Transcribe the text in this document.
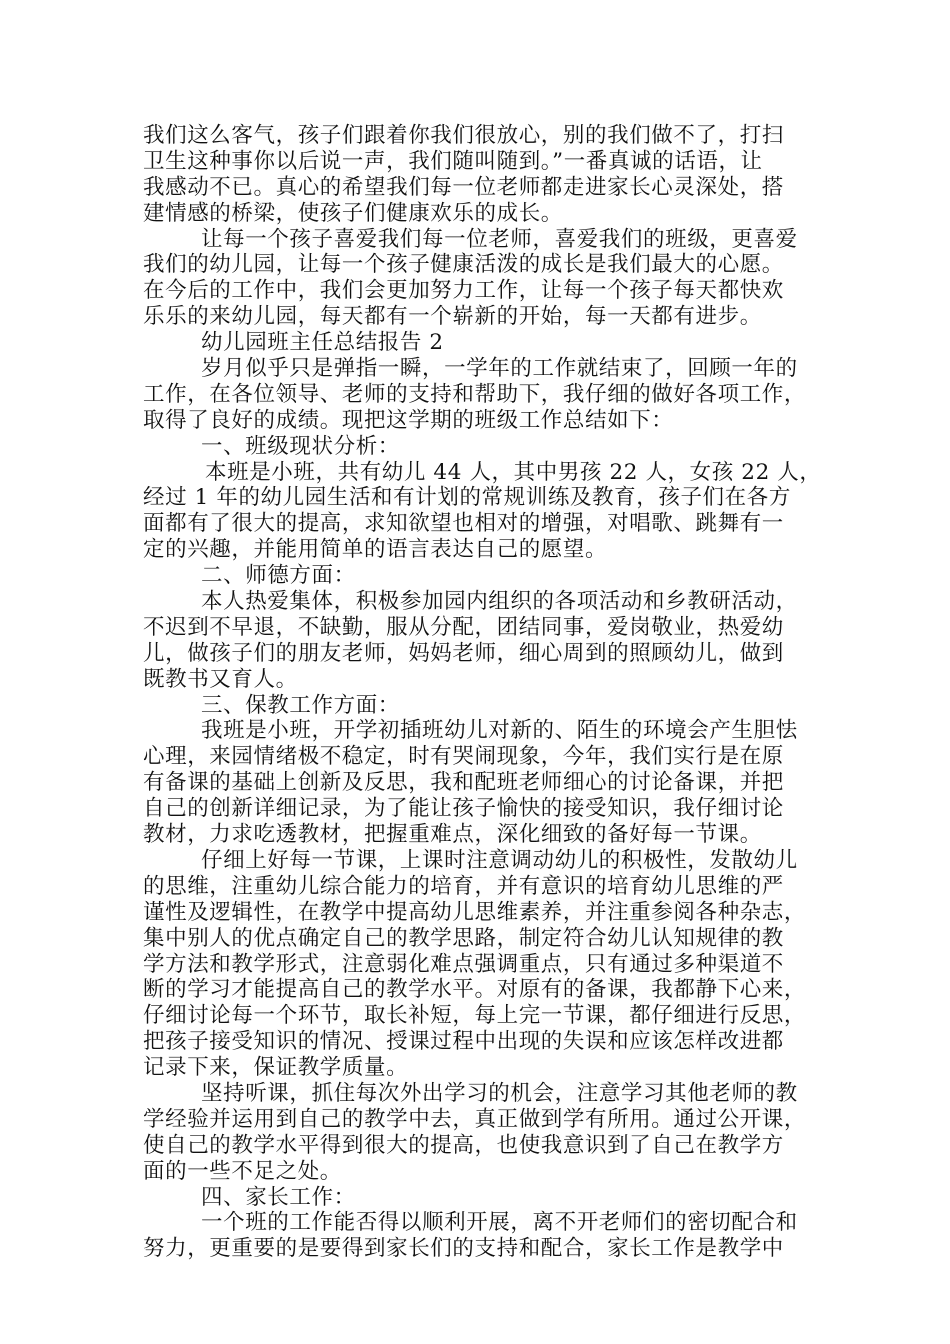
我们这么客气，孩子们跟着你我们很放心，别的我们做不了，打扫
卫生这种事你以后说一声，我们随叫随到。”一番真诚的话语，让
我感动不已。真心的希望我们每一位老师都走进家长心灵深处，搭
建情感的桥梁，使孩子们健康欢乐的成长。
让每一个孩子喜爱我们每一位老师，喜爱我们的班级，更喜爱
我们的幼儿园，让每一个孩子健康活泼的成长是我们最大的心愿。
在今后的工作中，我们会更加努力工作，让每一个孩子每天都快欢
乐乐的来幼儿园，每天都有一个崭新的开始，每一天都有进步。
幼儿园班主任总结报告 2
岁月似乎只是弹指一瞬，一学年的工作就结束了，回顾一年的
工作，在各位领导、老师的支持和帮助下，我仔细的做好各项工作，
取得了良好的成绩。现把这学期的班级工作总结如下：
一、班级现状分析：
本班是小班，共有幼儿 44 人，其中男孩 22 人，女孩 22 人，
经过 1 年的幼儿园生活和有计划的常规训练及教育，孩子们在各方
面都有了很大的提高，求知欲望也相对的增强，对唱歌、跳舞有一
定的兴趣，并能用简单的语言表达自己的愿望。
二、师德方面：
本人热爱集体，积极参加园内组织的各项活动和乡教研活动，
不迟到不早退，不缺勤，服从分配，团结同事，爱岗敬业，热爱幼
儿，做孩子们的朋友老师，妈妈老师，细心周到的照顾幼儿，做到
既教书又育人。
三、保教工作方面：
我班是小班，开学初插班幼儿对新的、陌生的环境会产生胆怯
心理，来园情绪极不稳定，时有哭闹现象，今年，我们实行是在原
有备课的基础上创新及反思，我和配班老师细心的讨论备课，并把
自己的创新详细记录，为了能让孩子愉快的接受知识，我仔细讨论
教材，力求吃透教材，把握重难点，深化细致的备好每一节课。
仔细上好每一节课，上课时注意调动幼儿的积极性，发散幼儿
的思维，注重幼儿综合能力的培育，并有意识的培育幼儿思维的严
谨性及逻辑性，在教学中提高幼儿思维素养，并注重参阅各种杂志，
集中别人的优点确定自己的教学思路，制定符合幼儿认知规律的教
学方法和教学形式，注意弱化难点强调重点，只有通过多种渠道不
断的学习才能提高自己的教学水平。对原有的备课，我都静下心来，
仔细讨论每一个环节，取长补短，每上完一节课，都仔细进行反思，
把孩子接受知识的情况、授课过程中出现的失误和应该怎样改进都
记录下来，保证教学质量。
坚持听课，抓住每次外出学习的机会，注意学习其他老师的教
学经验并运用到自己的教学中去，真正做到学有所用。通过公开课，
使自己的教学水平得到很大的提高，也使我意识到了自己在教学方
面的一些不足之处。
四、家长工作：
一个班的工作能否得以顺利开展，离不开老师们的密切配合和
努力，更重要的是要得到家长们的支持和配合，家长工作是教学中
